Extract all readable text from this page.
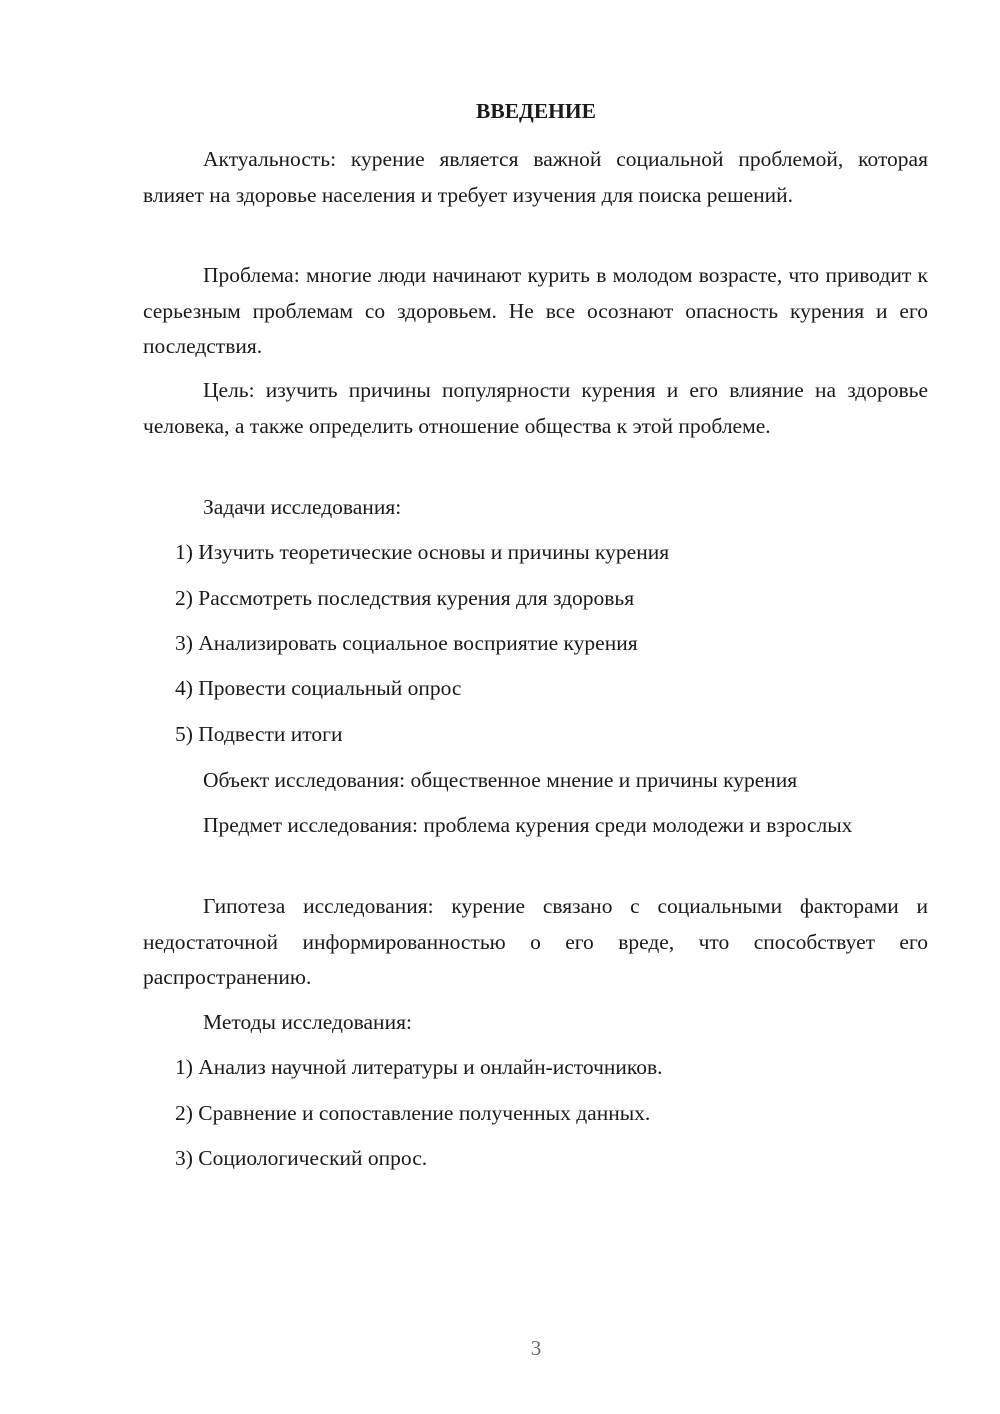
ВВЕДЕНИЕ

Актуальность: курение является важной социальной проблемой, которая влияет на здоровье населения и требует изучения для поиска решений.

Проблема: многие люди начинают курить в молодом возрасте, что приводит к серьезным проблемам со здоровьем. Не все осознают опасность курения и его последствия.

Цель: изучить причины популярности курения и его влияние на здоровье человека, а также определить отношение общества к этой проблеме.

Задачи исследования:
1) Изучить теоретические основы и причины курения
2) Рассмотреть последствия курения для здоровья
3) Анализировать социальное восприятие курения
4) Провести социальный опрос
5) Подвести итоги
Объект исследования: общественное мнение и причины курения

Предмет исследования: проблема курения среди молодежи и взрослых

Гипотеза исследования: курение связано с социальными факторами и недостаточной информированностью о его вреде, что способствует его распространению.

Методы исследования:
1) Анализ научной литературы и онлайн-источников.
2) Сравнение и сопоставление полученных данных.
3) Социологический опрос.
3
